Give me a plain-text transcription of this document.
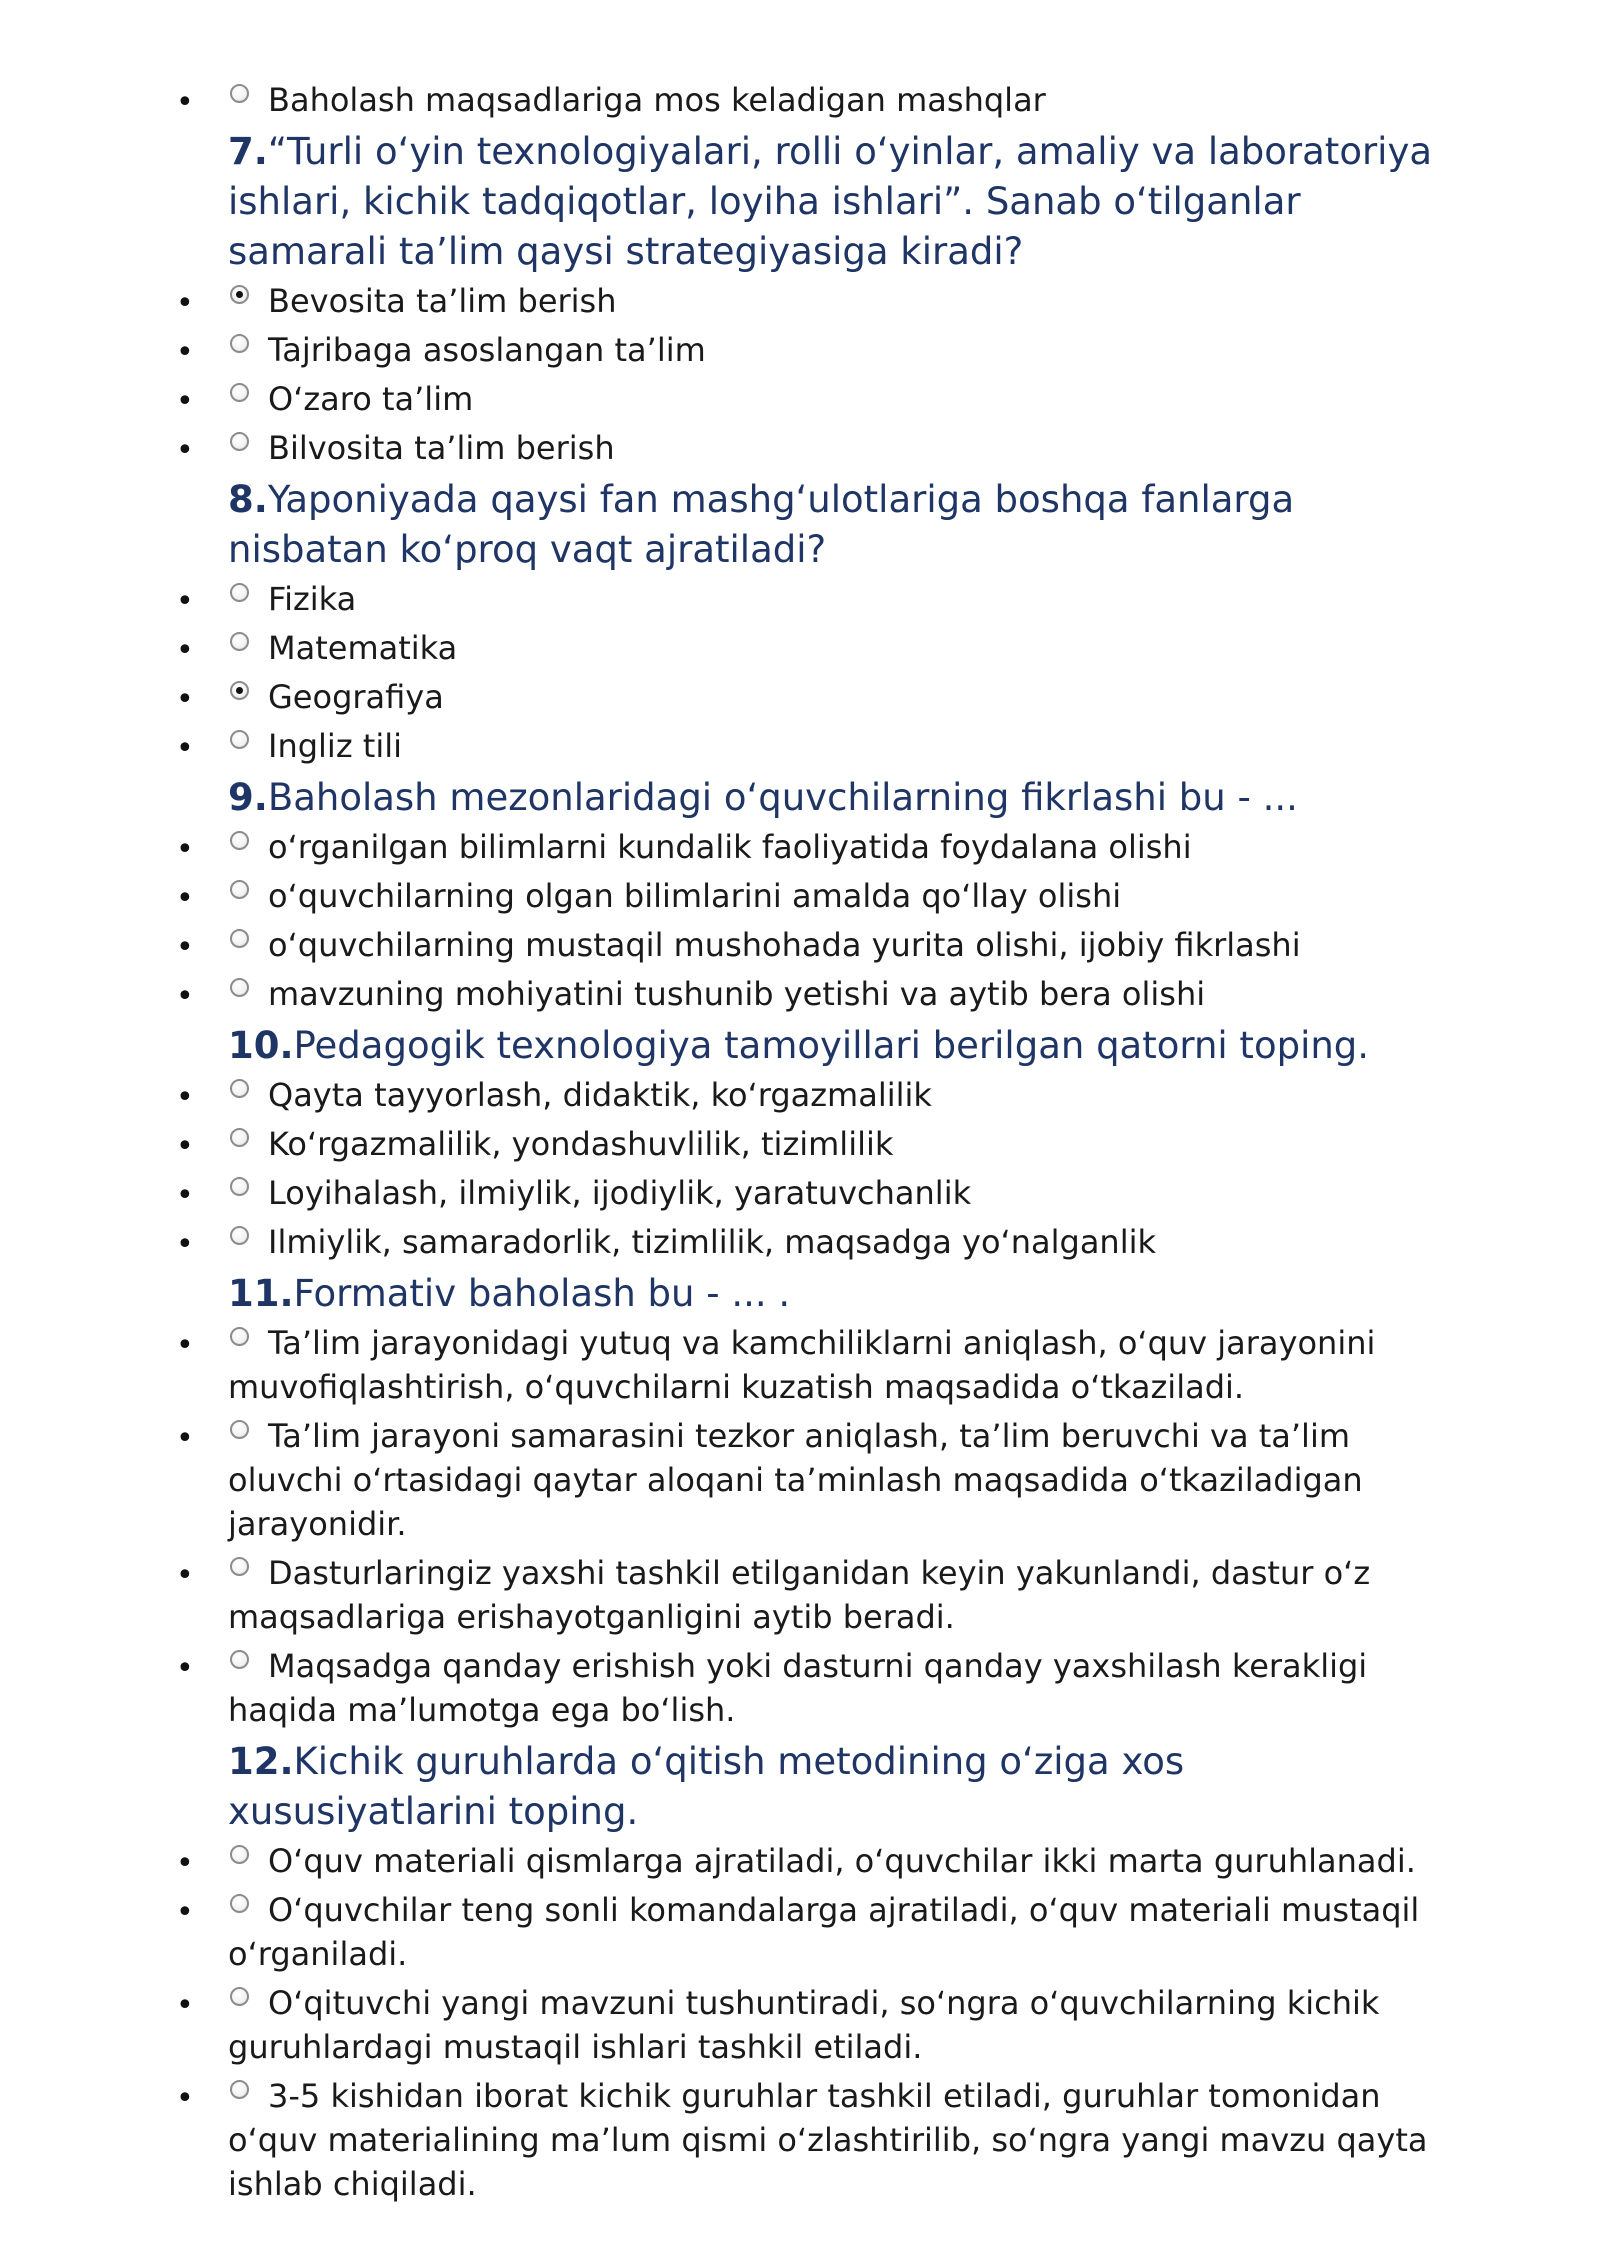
• Baholash maqsadlariga mos keladigan mashqlar
7.“Turli o‘yin texnologiyalari, rolli o‘yinlar, amaliy va laboratoriya ishlari, kichik tadqiqotlar, loyiha ishlari”. Sanab o‘tilganlar samarali ta’lim qaysi strategiyasiga kiradi?
• Bevosita ta’lim berish
• Tajribaga asoslangan ta’lim
• O‘zaro ta’lim
• Bilvosita ta’lim berish
8.Yaponiyada qaysi fan mashg‘ulotlariga boshqa fanlarga nisbatan ko‘proq vaqt ajratiladi?
• Fizika
• Matematika
• Geografiya
• Ingliz tili
9.Baholash mezonlaridagi o‘quvchilarning fikrlashi bu - ...
• o‘rganilgan bilimlarni kundalik faoliyatida foydalana olishi
• o‘quvchilarning olgan bilimlarini amalda qo‘llay olishi
• o‘quvchilarning mustaqil mushohada yurita olishi, ijobiy fikrlashi
• mavzuning mohiyatini tushunib yetishi va aytib bera olishi
10.Pedagogik texnologiya tamoyillari berilgan qatorni toping.
• Qayta tayyorlash, didaktik, ko‘rgazmalilik
• Ko‘rgazmalilik, yondashuvlilik, tizimlilik
• Loyihalash, ilmiylik, ijodiylik, yaratuvchanlik
• Ilmiylik, samaradorlik, tizimlilik, maqsadga yo‘nalganlik
11.Formativ baholash bu - ... .
• Ta’lim jarayonidagi yutuq va kamchiliklarni aniqlash, o‘quv jarayonini muvofiqlashtirish, o‘quvchilarni kuzatish maqsadida o‘tkaziladi.
• Ta’lim jarayoni samarasini tezkor aniqlash, ta’lim beruvchi va ta’lim oluvchi o‘rtasidagi qaytar aloqani ta’minlash maqsadida o‘tkaziladigan jarayonidir.
• Dasturlaringiz yaxshi tashkil etilganidan keyin yakunlandi, dastur o‘z maqsadlariga erishayotganligini aytib beradi.
• Maqsadga qanday erishish yoki dasturni qanday yaxshilash kerakligi haqida ma’lumotga ega bo‘lish.
12.Kichik guruhlarda o‘qitish metodining o‘ziga xos xususiyatlarini toping.
• O‘quv materiali qismlarga ajratiladi, o‘quvchilar ikki marta guruhlanadi.
• O‘quvchilar teng sonli komandalarga ajratiladi, o‘quv materiali mustaqil o‘rganiladi.
• O‘qituvchi yangi mavzuni tushuntiradi, so‘ngra o‘quvchilarning kichik guruhlardagi mustaqil ishlari tashkil etiladi.
• 3-5 kishidan iborat kichik guruhlar tashkil etiladi, guruhlar tomonidan o‘quv materialining ma’lum qismi o‘zlashtirilib, so‘ngra yangi mavzu qayta ishlab chiqiladi.
